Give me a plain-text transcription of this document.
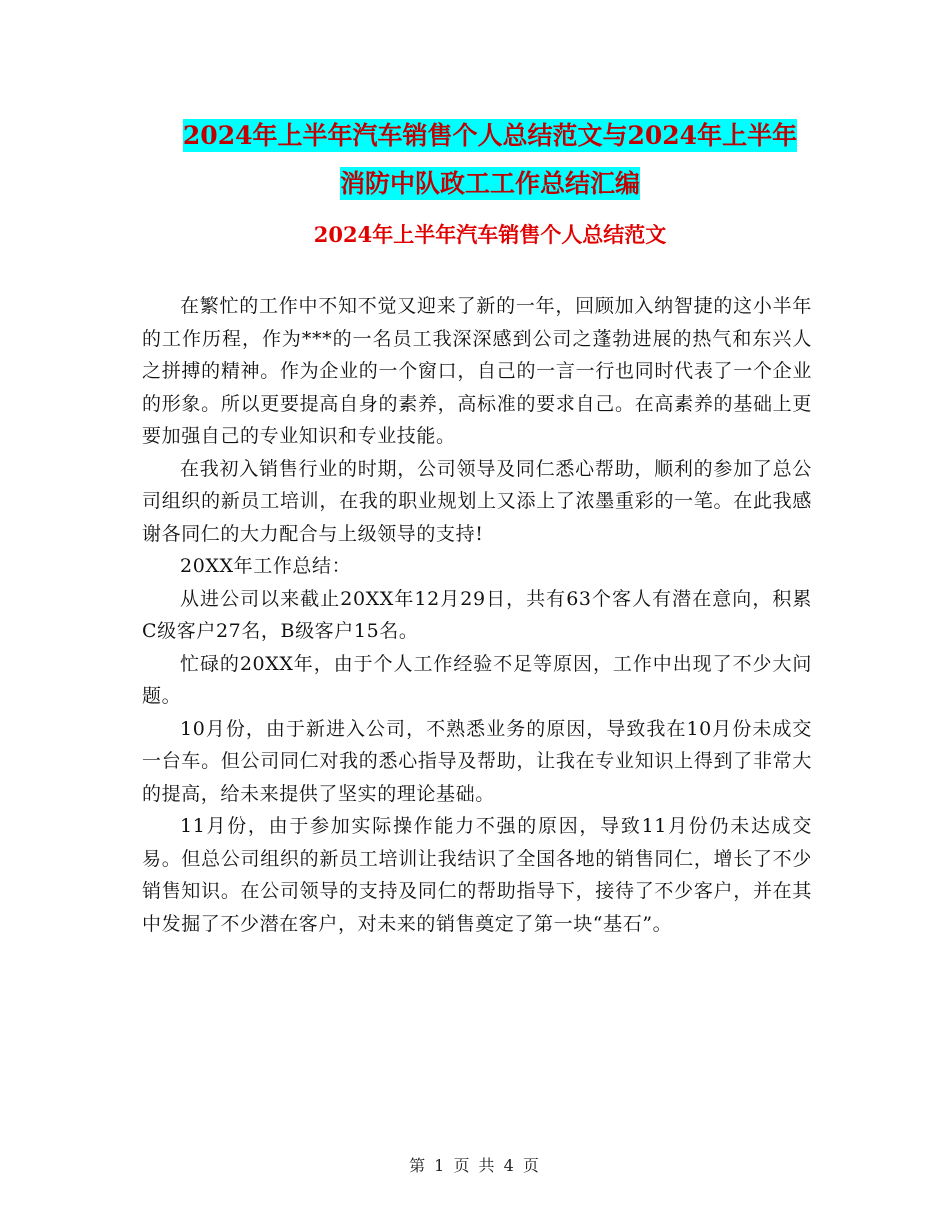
2024年上半年汽车销售个人总结范文与2024年上半年
消防中队政工工作总结汇编
2024年上半年汽车销售个人总结范文

在繁忙的工作中不知不觉又迎来了新的一年，回顾加入纳智捷的这小半年的工作历程，作为***的一名员工我深深感到公司之蓬勃进展的热气和东兴人之拼搏的精神。作为企业的一个窗口，自己的一言一行也同时代表了一个企业的形象。所以更要提高自身的素养，高标准的要求自己。在高素养的基础上更要加强自己的专业知识和专业技能。

在我初入销售行业的时期，公司领导及同仁悉心帮助，顺利的参加了总公司组织的新员工培训，在我的职业规划上又添上了浓墨重彩的一笔。在此我感谢各同仁的大力配合与上级领导的支持!

20XX年工作总结：

从进公司以来截止20XX年12月29日，共有63个客人有潜在意向，积累C级客户27名，B级客户15名。

忙碌的20XX年，由于个人工作经验不足等原因，工作中出现了不少大问题。

10月份，由于新进入公司，不熟悉业务的原因，导致我在10月份未成交一台车。但公司同仁对我的悉心指导及帮助，让我在专业知识上得到了非常大的提高，给未来提供了坚实的理论基础。

11月份，由于参加实际操作能力不强的原因，导致11月份仍未达成交易。但总公司组织的新员工培训让我结识了全国各地的销售同仁，增长了不少销售知识。在公司领导的支持及同仁的帮助指导下，接待了不少客户，并在其中发掘了不少潜在客户，对未来的销售奠定了第一块“基石”。

第 1 页 共 4 页
